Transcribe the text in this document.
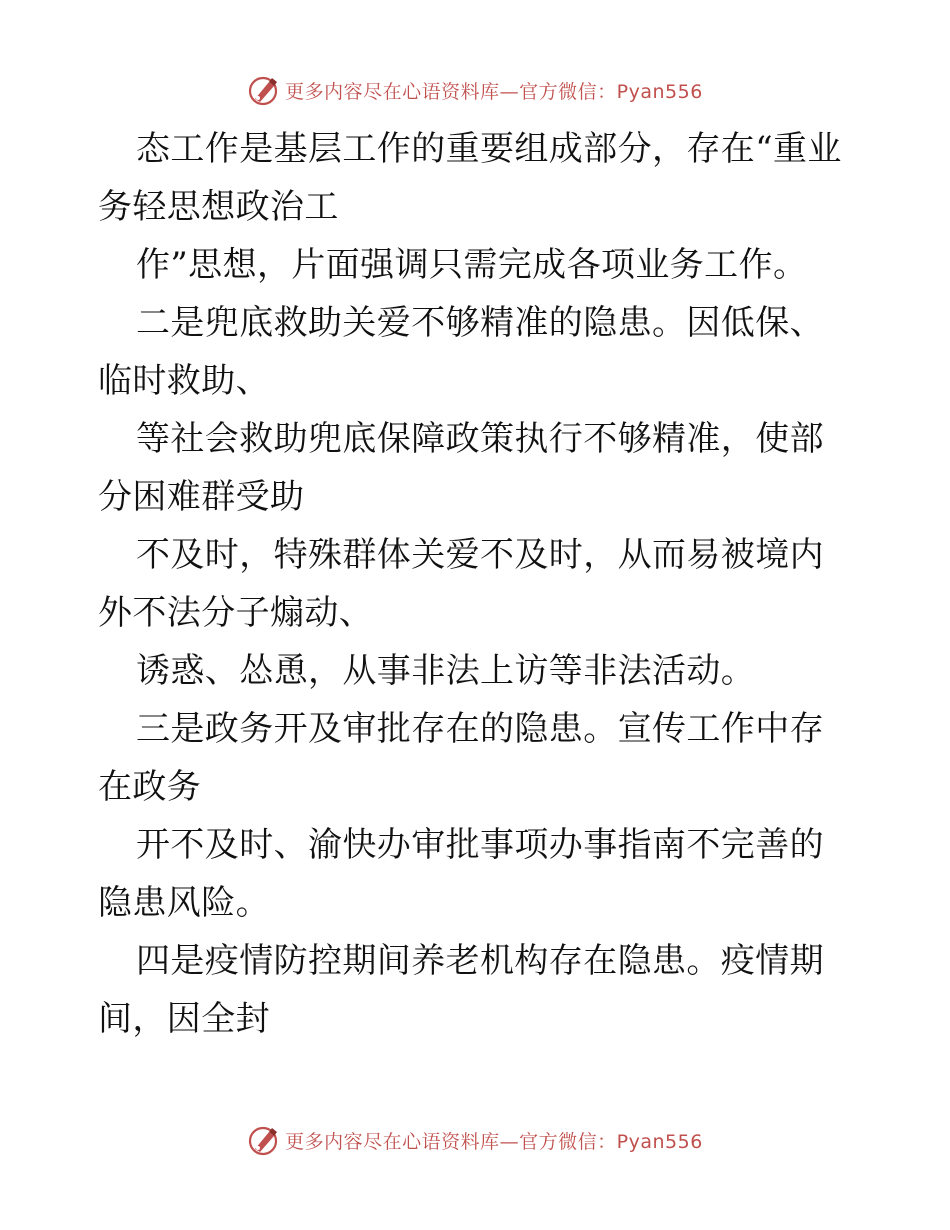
更多内容尽在心语资料库—官方微信：Pyan556

态工作是基层工作的重要组成部分，存在“重业务轻思想政治工

作”思想，片面强调只需完成各项业务工作。

二是兜底救助关爱不够精准的隐患。因低保、临时救助、

等社会救助兜底保障政策执行不够精准，使部分困难群受助

不及时，特殊群体关爱不及时，从而易被境内外不法分子煽动、

诱惑、怂恿，从事非法上访等非法活动。

三是政务开及审批存在的隐患。宣传工作中存在政务

开不及时、渝快办审批事项办事指南不完善的隐患风险。

四是疫情防控期间养老机构存在隐患。疫情期间，因全封

更多内容尽在心语资料库—官方微信：Pyan556
